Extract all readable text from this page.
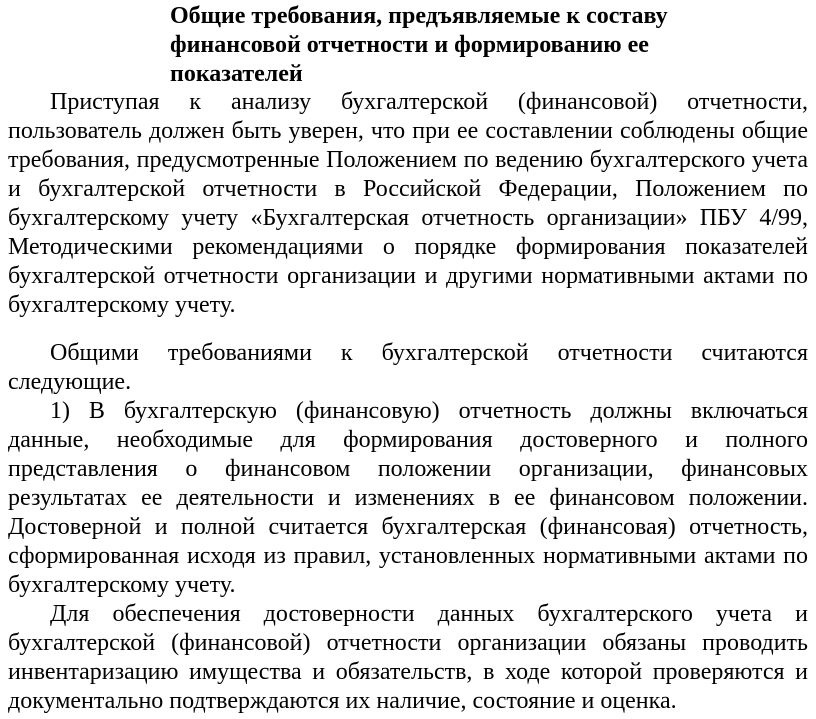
Общие требования, предъявляемые к составу финансовой отчетности и формированию ее показателей

Приступая к анализу бухгалтерской (финансовой) отчетности, пользователь должен быть уверен, что при ее составлении соблюдены общие требования, предусмотренные Положением по ведению бухгалтерского учета и бухгалтерской отчетности в Российской Федерации, Положением по бухгалтерскому учету «Бухгалтерская отчетность организации» ПБУ 4/99, Методическими рекомендациями о порядке формирования показателей бухгалтерской отчетности организации и другими нормативными актами по бухгалтерскому учету.

Общими требованиями к бухгалтерской отчетности считаются следующие.

1) В бухгалтерскую (финансовую) отчетность должны включаться данные, необходимые для формирования достоверного и полного представления о финансовом положении организации, финансовых результатах ее деятельности и изменениях в ее финансовом положении. Достоверной и полной считается бухгалтерская (финансовая) отчетность, сформированная исходя из правил, установленных нормативными актами по бухгалтерскому учету.

Для обеспечения достоверности данных бухгалтерского учета и бухгалтерской (финансовой) отчетности организации обязаны проводить инвентаризацию имущества и обязательств, в ходе которой проверяются и документально подтверждаются их наличие, состояние и оценка.
